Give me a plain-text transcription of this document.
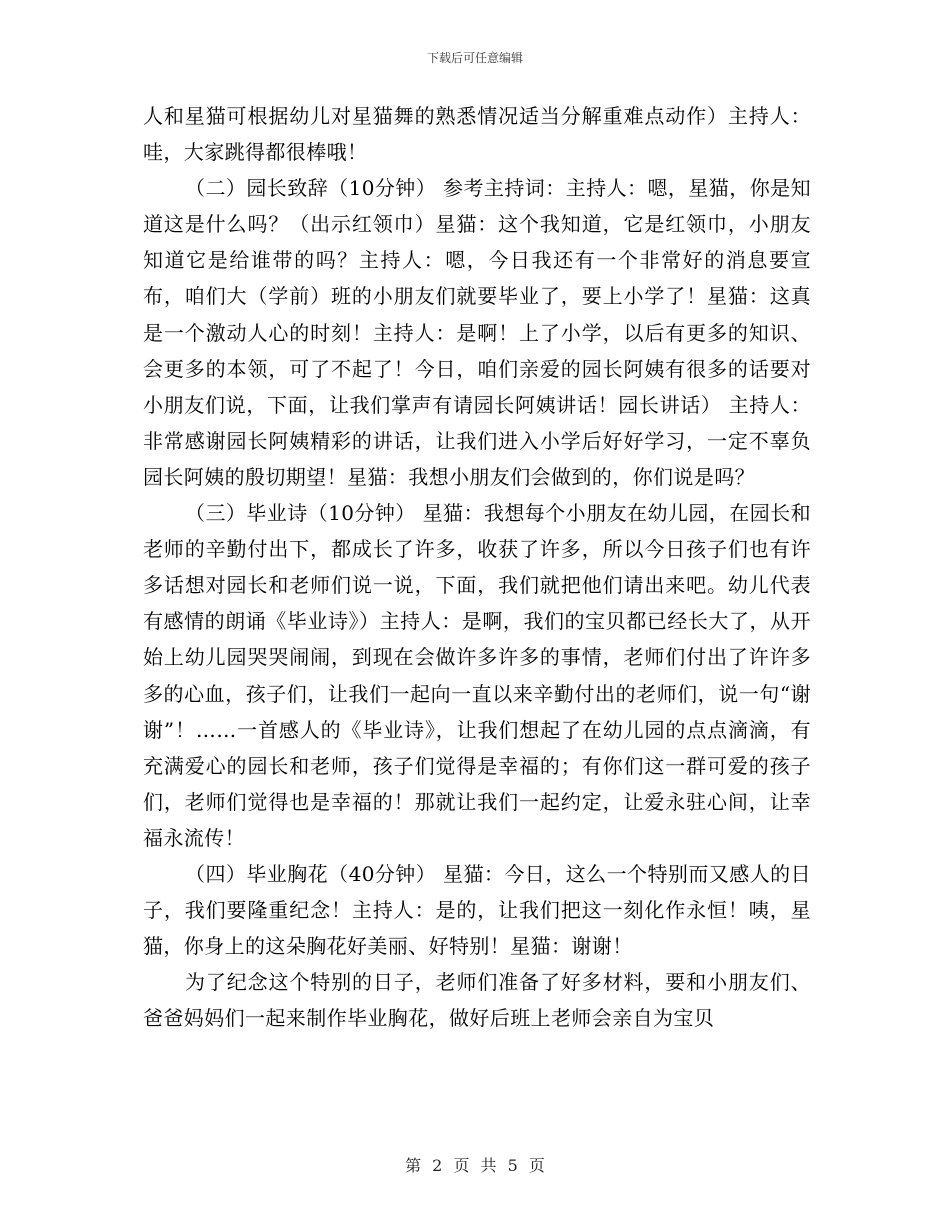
下载后可任意编辑

人和星猫可根据幼儿对星猫舞的熟悉情况适当分解重难点动作）主持人：哇，大家跳得都很棒哦！

（二）园长致辞（10分钟） 参考主持词：主持人：嗯，星猫，你是知道这是什么吗？（出示红领巾）星猫：这个我知道，它是红领巾，小朋友知道它是给谁带的吗？主持人：嗯，今日我还有一个非常好的消息要宣布，咱们大（学前）班的小朋友们就要毕业了，要上小学了！星猫：这真是一个激动人心的时刻！主持人：是啊！上了小学，以后有更多的知识、会更多的本领，可了不起了！今日，咱们亲爱的园长阿姨有很多的话要对小朋友们说，下面，让我们掌声有请园长阿姨讲话！园长讲话） 主持人：非常感谢园长阿姨精彩的讲话，让我们进入小学后好好学习，一定不辜负园长阿姨的殷切期望！星猫：我想小朋友们会做到的，你们说是吗？

（三）毕业诗（10分钟） 星猫：我想每个小朋友在幼儿园，在园长和老师的辛勤付出下，都成长了许多，收获了许多，所以今日孩子们也有许多话想对园长和老师们说一说，下面，我们就把他们请出来吧。幼儿代表有感情的朗诵《毕业诗》）主持人：是啊，我们的宝贝都已经长大了，从开始上幼儿园哭哭闹闹，到现在会做许多许多的事情，老师们付出了许许多多的心血，孩子们，让我们一起向一直以来辛勤付出的老师们，说一句“谢谢”！……一首感人的《毕业诗》，让我们想起了在幼儿园的点点滴滴，有充满爱心的园长和老师，孩子们觉得是幸福的；有你们这一群可爱的孩子们，老师们觉得也是幸福的！那就让我们一起约定，让爱永驻心间，让幸福永流传！

（四）毕业胸花（40分钟） 星猫：今日，这么一个特别而又感人的日子，我们要隆重纪念！主持人：是的，让我们把这一刻化作永恒！咦，星猫，你身上的这朵胸花好美丽、好特别！星猫：谢谢！

为了纪念这个特别的日子，老师们准备了好多材料，要和小朋友们、爸爸妈妈们一起来制作毕业胸花，做好后班上老师会亲自为宝贝

第 2 页 共 5 页
